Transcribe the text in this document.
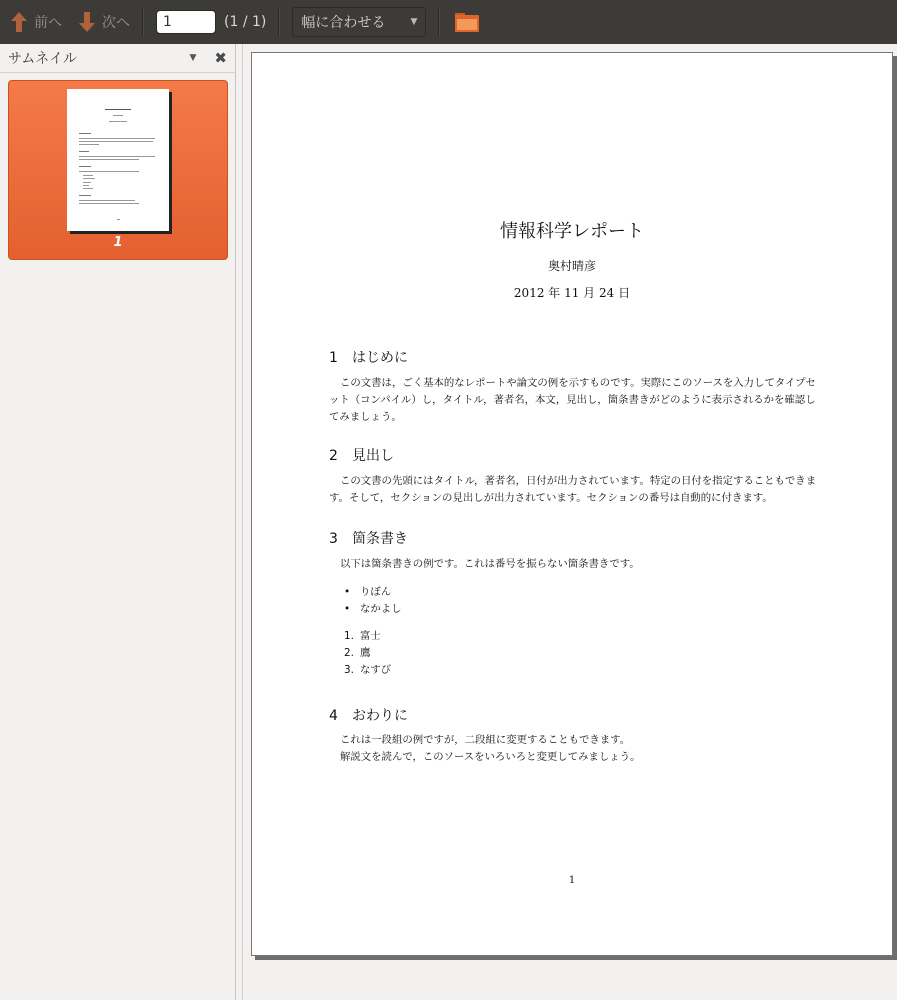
前へ	次へ
1	(1 / 1)	幅に合わせる	▼
サムネイル	▼ ✖
1
情報科学レポート
奥村晴彦
2012 年 11 月 24 日
1 はじめに
この文書は，ごく基本的なレポートや論文の例を示すものです。実際にこのソースを入力してタイプセット（コンパイル）し，タイトル，著者名，本文，見出し，箇条書きがどのように表示されるかを確認してみましょう。
2 見出し
この文書の先頭にはタイトル，著者名，日付が出力されています。特定の日付を指定することもできます。そして，セクションの見出しが出力されています。セクションの番号は自動的に付きます。
3 箇条書き
以下は箇条書きの例です。これは番号を振らない箇条書きです。
• りぼん
• なかよし
1. 富士
2. 鷹
3. なすび
4 おわりに
これは一段組の例ですが，二段組に変更することもできます。
解説文を読んで，このソースをいろいろと変更してみましょう。
1
